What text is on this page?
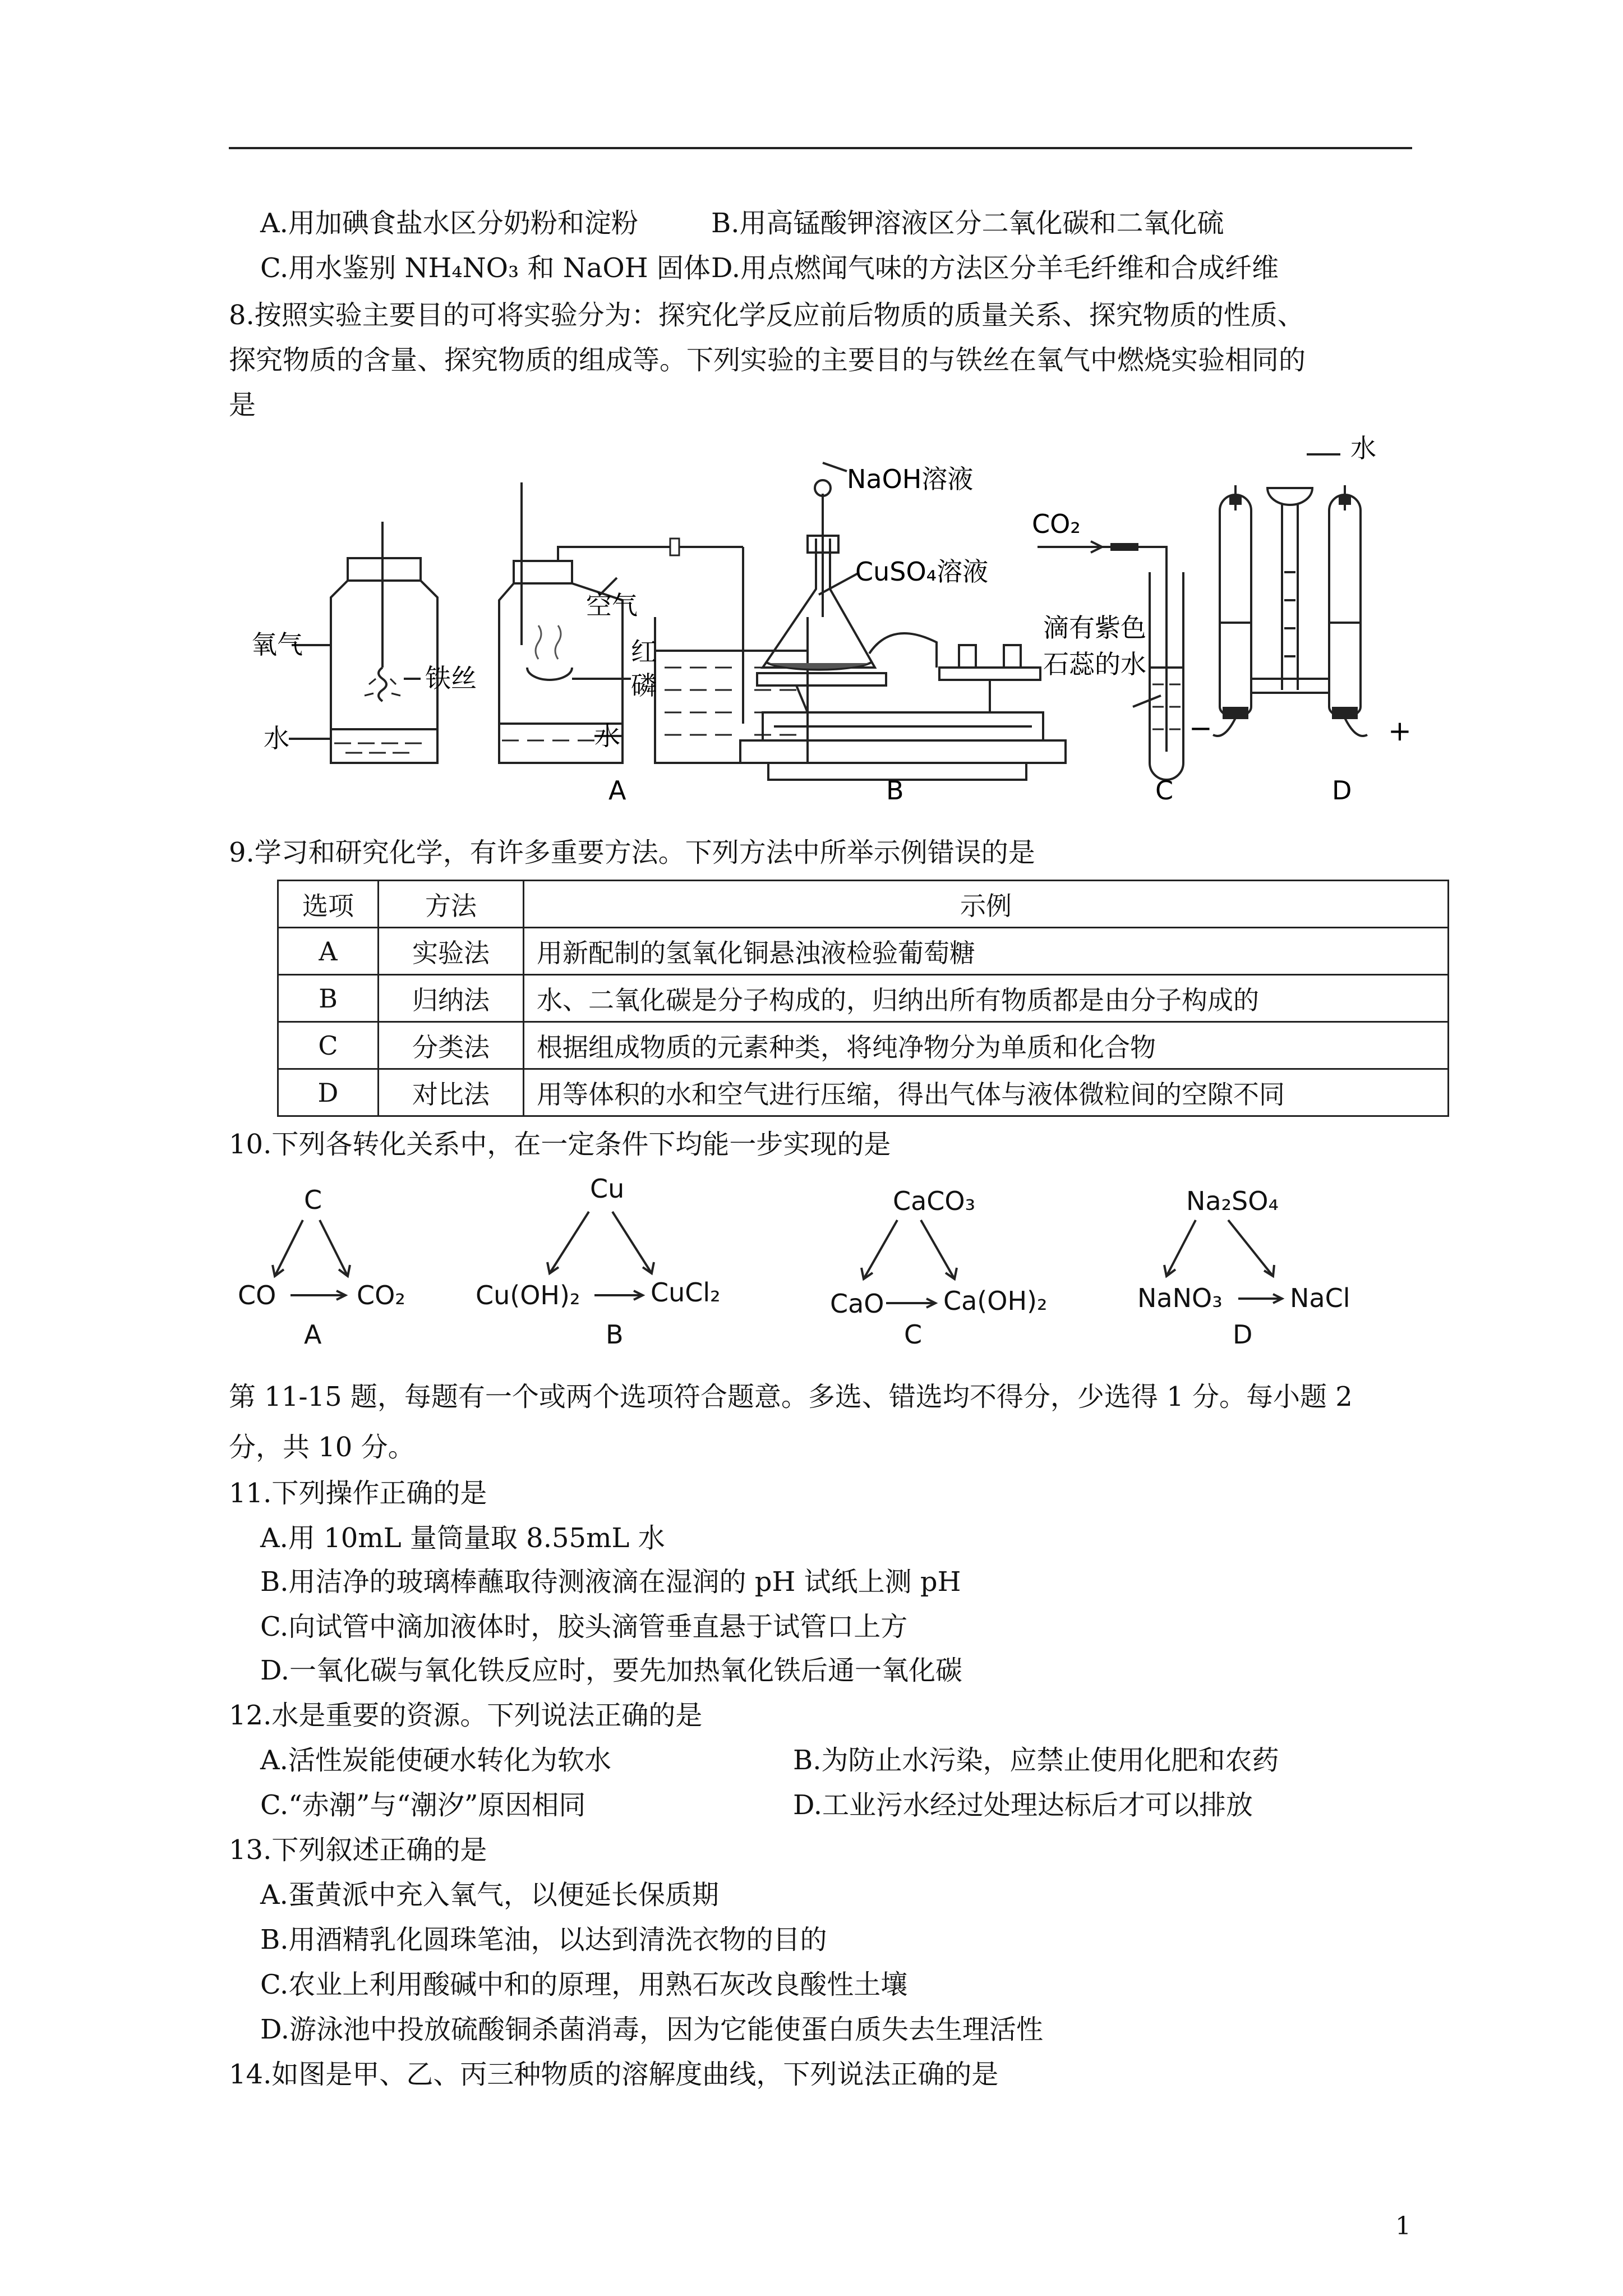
A.用加碘食盐水区分奶粉和淀粉	B.用高锰酸钾溶液区分二氧化碳和二氧化硫
C.用水鉴别 NH₄NO₃ 和 NaOH 固体 D.用点燃闻气味的方法区分羊毛纤维和合成纤维
8.按照实验主要目的可将实验分为：探究化学反应前后物质的质量关系、探究物质的性质、
探究物质的含量、探究物质的组成等。下列实验的主要目的与铁丝在氧气中燃烧实验相同的
是
氧气
铁丝
水
空气
红
磷
水
A
NaOH溶液
CuSO₄溶液
B
CO₂
滴有紫色
石蕊的水
C
水
−	+
D
9.学习和研究化学，有许多重要方法。下列方法中所举示例错误的是
选项	方法	示例
A	实验法	用新配制的氢氧化铜悬浊液检验葡萄糖
B	归纳法	水、二氧化碳是分子构成的，归纳出所有物质都是由分子构成的
C	分类法	根据组成物质的元素种类，将纯净物分为单质和化合物
D	对比法	用等体积的水和空气进行压缩，得出气体与液体微粒间的空隙不同
10.下列各转化关系中，在一定条件下均能一步实现的是
C
CO	CO₂
A
Cu
Cu(OH)₂	CuCl₂
B
CaCO₃
CaO Ca(OH)₂
C
Na₂SO₄
NaNO₃	NaCl
D
第 11-15 题，每题有一个或两个选项符合题意。多选、错选均不得分，少选得 1 分。每小题 2
分，共 10 分。
11.下列操作正确的是
A.用 10mL 量筒量取 8.55mL 水
B.用洁净的玻璃棒蘸取待测液滴在湿润的 pH 试纸上测 pH
C.向试管中滴加液体时，胶头滴管垂直悬于试管口上方
D.一氧化碳与氧化铁反应时，要先加热氧化铁后通一氧化碳
12.水是重要的资源。下列说法正确的是
A.活性炭能使硬水转化为软水	B.为防止水污染，应禁止使用化肥和农药
C.“赤潮”与“潮汐”原因相同	D.工业污水经过处理达标后才可以排放
13.下列叙述正确的是
A.蛋黄派中充入氧气，以便延长保质期
B.用酒精乳化圆珠笔油，以达到清洗衣物的目的
C.农业上利用酸碱中和的原理，用熟石灰改良酸性土壤
D.游泳池中投放硫酸铜杀菌消毒，因为它能使蛋白质失去生理活性
14.如图是甲、乙、丙三种物质的溶解度曲线，下列说法正确的是
1
